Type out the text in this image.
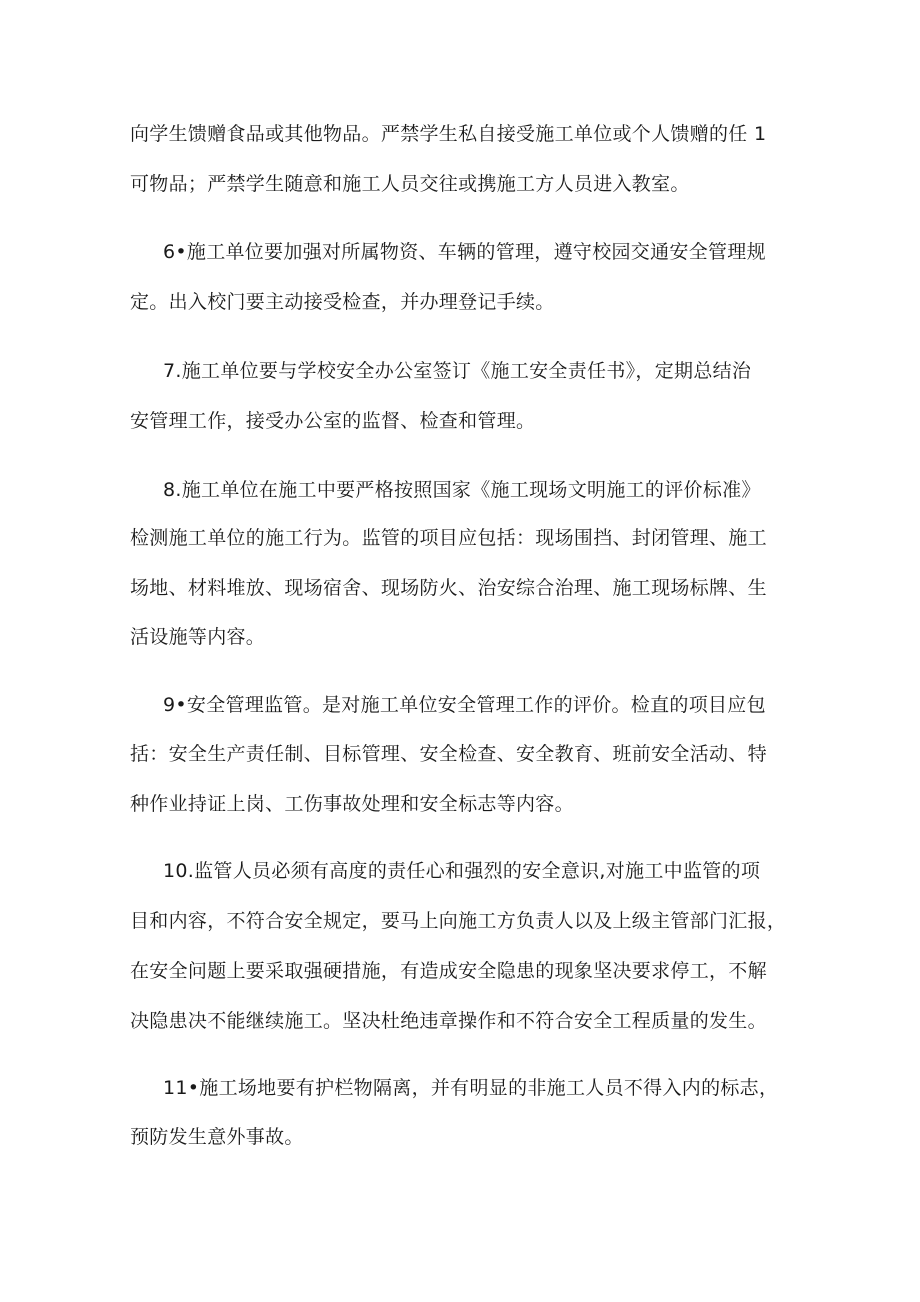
向学生馈赠食品或其他物品。严禁学生私自接受施工单位或个人馈赠的任 1
可物品；严禁学生随意和施工人员交往或携施工方人员进入教室。
6•施工单位要加强对所属物资、车辆的管理，遵守校园交通安全管理规
定。出入校门要主动接受检查，并办理登记手续。
7.施工单位要与学校安全办公室签订《施工安全责任书》，定期总结治
安管理工作，接受办公室的监督、检查和管理。
8.施工单位在施工中要严格按照国家《施工现场文明施工的评价标准》
检测施工单位的施工行为。监管的项目应包括：现场围挡、封闭管理、施工
场地、材料堆放、现场宿舍、现场防火、治安综合治理、施工现场标牌、生
活设施等内容。
9•安全管理监管。是对施工单位安全管理工作的评价。检直的项目应包
括：安全生产责任制、目标管理、安全检查、安全教育、班前安全活动、特
种作业持证上岗、工伤事故处理和安全标志等内容。
10.监管人员必须有高度的责任心和强烈的安全意识,对施工中监管的项
目和内容，不符合安全规定，要马上向施工方负责人以及上级主管部门汇报，
在安全问题上要采取强硬措施，有造成安全隐患的现象坚决要求停工，不解
决隐患决不能继续施工。坚决杜绝违章操作和不符合安全工程质量的发生。
11•施工场地要有护栏物隔离，并有明显的非施工人员不得入内的标志，
预防发生意外事故。
